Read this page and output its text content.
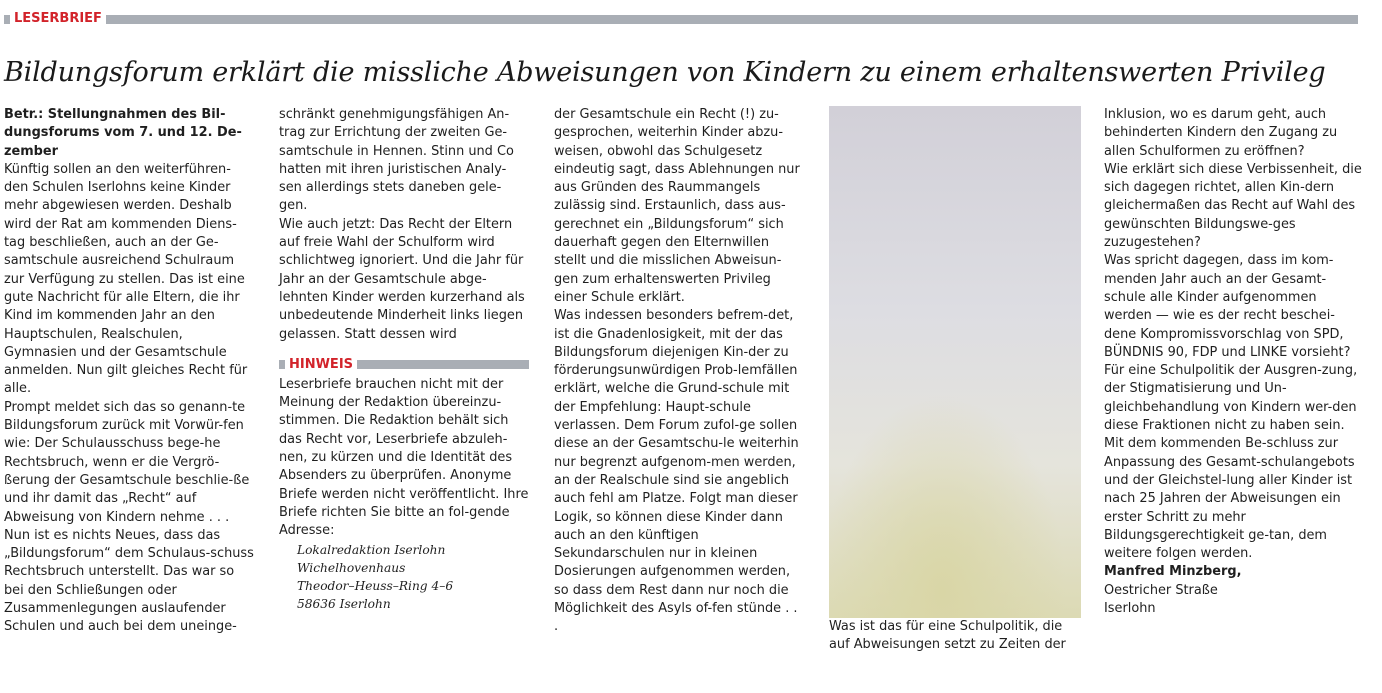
LESERBRIEF
Bildungsforum erklärt die missliche Abweisungen von Kindern zu einem erhaltenswerten Privileg

Betr.: Stellungnahmen des Bil-dungsforums vom 7. und 12. De-zember

Künftig sollen an den weiterführen-den Schulen Iserlohns keine Kinder mehr abgewiesen werden. Deshalb wird der Rat am kommenden Diens-tag beschließen, auch an der Ge-samtschule ausreichend Schulraum zur Verfügung zu stellen. Das ist eine gute Nachricht für alle Eltern, die ihr Kind im kommenden Jahr an den Hauptschulen, Realschulen, Gymnasien und der Gesamtschule anmelden. Nun gilt gleiches Recht für alle.

Prompt meldet sich das so genann-te Bildungsforum zurück mit Vorwür-fen wie: Der Schulausschuss bege-he Rechtsbruch, wenn er die Vergrö-ßerung der Gesamtschule beschlie-ße und ihr damit das „Recht“ auf Abweisung von Kindern nehme . . . Nun ist es nichts Neues, dass das „Bildungsforum“ dem Schulaus-schuss Rechtsbruch unterstellt. Das war so bei den Schließungen oder Zusammenlegungen auslaufender Schulen und auch bei dem uneinge-

schränkt genehmigungsfähigen An-trag zur Errichtung der zweiten Ge-samtschule in Hennen. Stinn und Co hatten mit ihren juristischen Analy-sen allerdings stets daneben gele-gen.

Wie auch jetzt: Das Recht der Eltern auf freie Wahl der Schulform wird schlichtweg ignoriert. Und die Jahr für Jahr an der Gesamtschule abge-lehnten Kinder werden kurzerhand als unbedeutende Minderheit links liegen gelassen. Statt dessen wird

HINWEIS

Leserbriefe brauchen nicht mit der Meinung der Redaktion übereinzu-stimmen. Die Redaktion behält sich das Recht vor, Leserbriefe abzuleh-nen, zu kürzen und die Identität des Absenders zu überprüfen. Anonyme Briefe werden nicht veröffentlicht. Ihre Briefe richten Sie bitte an fol-gende Adresse:

Lokalredaktion Iserlohn

Wichelhovenhaus

Theodor–Heuss–Ring 4–6

58636 Iserlohn

der Gesamtschule ein Recht (!) zu-gesprochen, weiterhin Kinder abzu-weisen, obwohl das Schulgesetz eindeutig sagt, dass Ablehnungen nur aus Gründen des Raummangels zulässig sind. Erstaunlich, dass aus-gerechnet ein „Bildungsforum“ sich dauerhaft gegen den Elternwillen stellt und die misslichen Abweisun-gen zum erhaltenswerten Privileg einer Schule erklärt.

Was indessen besonders befrem-det, ist die Gnadenlosigkeit, mit der das Bildungsforum diejenigen Kin-der zu förderungsunwürdigen Prob-lemfällen erklärt, welche die Grund-schule mit der Empfehlung: Haupt-schule verlassen. Dem Forum zufol-ge sollen diese an der Gesamtschu-le weiterhin nur begrenzt aufgenom-men werden, an der Realschule sind sie angeblich auch fehl am Platze. Folgt man dieser Logik, so können diese Kinder dann auch an den künftigen Sekundarschulen nur in kleinen Dosierungen aufgenommen werden, so dass dem Rest dann nur noch die Möglichkeit des Asyls of-fen stünde . . .	Was ist das für eine Schulpolitik, die auf Abweisungen setzt zu Zeiten der

Inklusion, wo es darum geht, auch behinderten Kindern den Zugang zu allen Schulformen zu eröffnen?

Wie erklärt sich diese Verbissenheit, die sich dagegen richtet, allen Kin-dern gleichermaßen das Recht auf Wahl des gewünschten Bildungswe-ges zuzugestehen?

Was spricht dagegen, dass im kom-menden Jahr auch an der Gesamt-schule alle Kinder aufgenommen werden — wie es der recht beschei-dene Kompromissvorschlag von SPD, BÜNDNIS 90, FDP und LINKE vorsieht?

Für eine Schulpolitik der Ausgren-zung, der Stigmatisierung und Un-gleichbehandlung von Kindern wer-den diese Fraktionen nicht zu haben sein. Mit dem kommenden Be-schluss zur Anpassung des Gesamt-schulangebots und der Gleichstel-lung aller Kinder ist nach 25 Jahren der Abweisungen ein erster Schritt zu mehr Bildungsgerechtigkeit ge-tan, dem weitere folgen werden.

Manfred Minzberg,

Oestricher Straße

Iserlohn
